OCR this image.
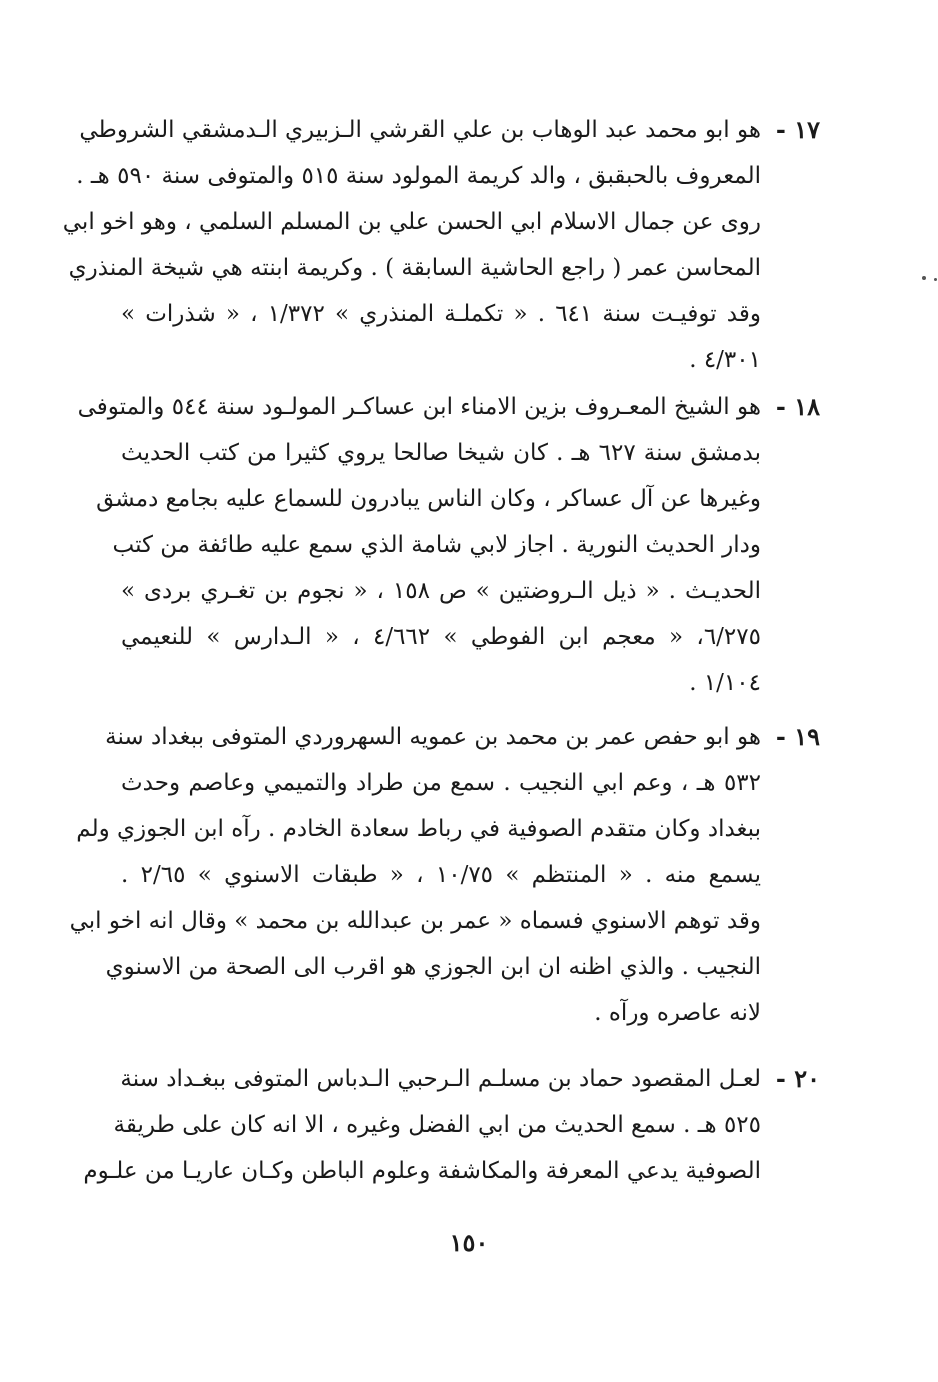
١٧ -
هو ابو محمد عبد الوهاب بن علي القرشي الـزبيري الـدمشقي الشروطي
المعروف بالحبقبق ، والد كريمة المولود سنة ٥١٥ والمتوفى سنة ٥٩٠ هـ .
روى عن جمال الاسلام ابي الحسن علي بن المسلم السلمي ، وهو اخو ابي
المحاسن عمر ( راجع الحاشية السابقة ) . وكريمة ابنته هي شيخة المنذري
وقد توفيـت سنة ٦٤١ . « تكملـة المنذري » ١/٣٧٢ ، « شذرات »
٤/٣٠١ .
١٨ -
هو الشيخ المعـروف بزين الامناء ابن عساكـر المولـود سنة ٥٤٤ والمتوفى
بدمشق سنة ٦٢٧ هـ . كان شيخا صالحا يروي كثيرا من كتب الحديث
وغيرها عن آل عساكر ، وكان الناس يبادرون للسماع عليه بجامع دمشق
ودار الحديث النورية . اجاز لابي شامة الذي سمع عليه طائفة من كتب
الحديـث . « ذيل الـروضتين » ص ١٥٨ ، « نجوم بن تغـري بردى »
٦/٢٧٥، « معجم ابن الفوطي » ٤/٦٦٢ ، « الـدارس » للنعيمي
١/١٠٤ .
١٩ -
هو ابو حفص عمر بن محمد بن عمويه السهروردي المتوفى ببغداد سنة
٥٣٢ هـ ، وعم ابي النجيب . سمع من طراد والتميمي وعاصم وحدث
ببغداد وكان متقدم الصوفية في رباط سعادة الخادم . رآه ابن الجوزي ولم
يسمع منه . « المنتظم » ١٠/٧٥ ، « طبقات الاسنوي » ٢/٦٥ .
وقد توهم الاسنوي فسماه « عمر بن عبدالله بن محمد » وقال انه اخو ابي
النجيب . والذي اظنه ان ابن الجوزي هو اقرب الى الصحة من الاسنوي
لانه عاصره ورآه .
٢٠ -
لعـل المقصود حماد بن مسلـم الـرحبي الـدباس المتوفى ببغـداد سنة
٥٢٥ هـ . سمع الحديث من ابي الفضل وغيره ، الا انه كان على طريقة
الصوفية يدعي المعرفة والمكاشفة وعلوم الباطن وكـان عاريـا من علـوم
١٥٠
